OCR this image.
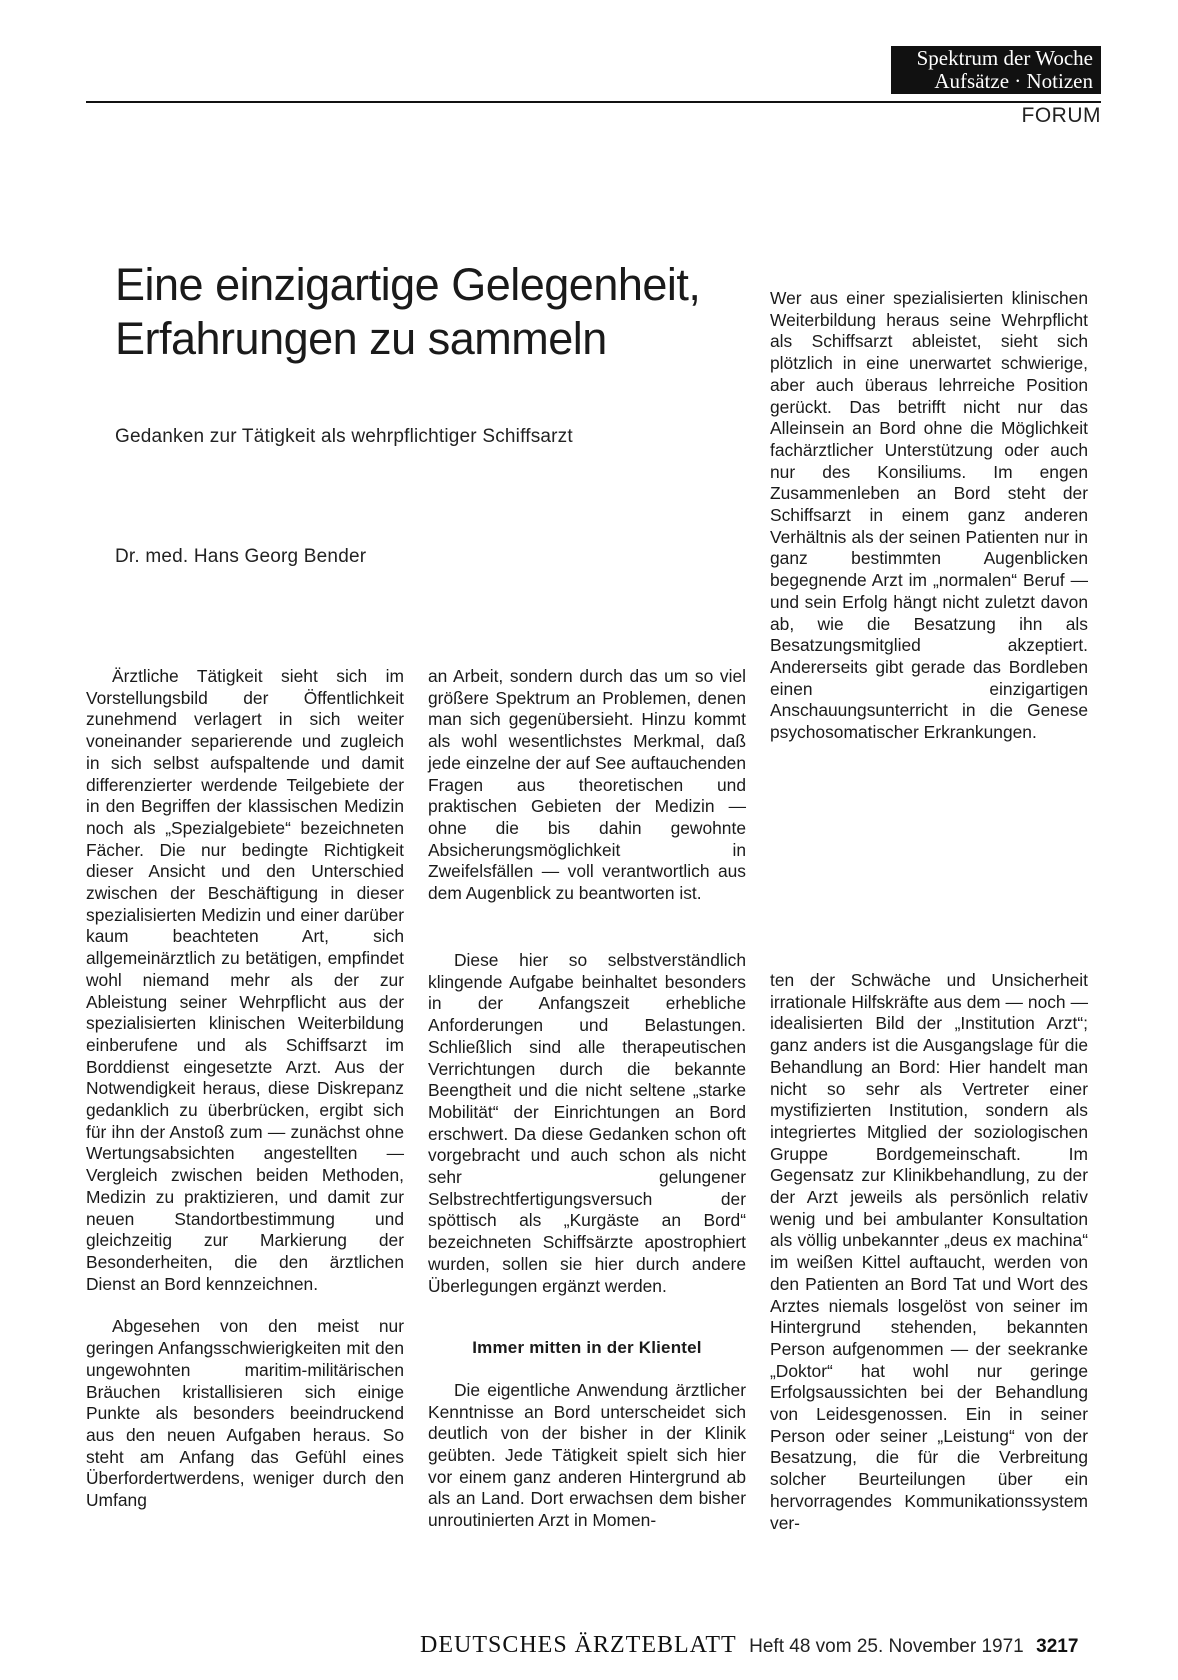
Spektrum der Woche
Aufsätze · Notizen
FORUM
Eine einzigartige Gelegenheit,
Erfahrungen zu sammeln
Gedanken zur Tätigkeit als wehrpflichtiger Schiffsarzt
Dr. med. Hans Georg Bender

Ärztliche Tätigkeit sieht sich im Vorstellungsbild der Öffentlichkeit zunehmend verlagert in sich weiter voneinander separierende und zugleich in sich selbst aufspaltende und damit differenzierter werdende Teilgebiete der in den Begriffen der klassischen Medizin noch als „Spezialgebiete“ bezeichneten Fächer. Die nur bedingte Richtigkeit dieser Ansicht und den Unterschied zwischen der Beschäftigung in dieser spezialisierten Medizin und einer darüber kaum beachteten Art, sich allgemeinärztlich zu betätigen, empfindet wohl niemand mehr als der zur Ableistung seiner Wehrpflicht aus der spezialisierten klinischen Weiterbildung einberufene und als Schiffsarzt im Borddienst eingesetzte Arzt. Aus der Notwendigkeit heraus, diese Diskrepanz gedanklich zu überbrücken, ergibt sich für ihn der Anstoß zum — zunächst ohne Wertungsabsichten angestellten — Vergleich zwischen beiden Methoden, Medizin zu praktizieren, und damit zur neuen Standortbestimmung und gleichzeitig zur Markierung der Besonderheiten, die den ärztlichen Dienst an Bord kennzeichnen.

Abgesehen von den meist nur geringen Anfangsschwierigkeiten mit den ungewohnten maritim-militärischen Bräuchen kristallisieren sich einige Punkte als besonders beeindruckend aus den neuen Aufgaben heraus. So steht am Anfang das Gefühl eines Überfordertwerdens, weniger durch den Umfang

an Arbeit, sondern durch das um so viel größere Spektrum an Problemen, denen man sich gegenübersieht. Hinzu kommt als wohl wesentlichstes Merkmal, daß jede einzelne der auf See auftauchenden Fragen aus theoretischen und praktischen Gebieten der Medizin — ohne die bis dahin gewohnte Absicherungsmöglichkeit in Zweifelsfällen — voll verantwortlich aus dem Augenblick zu beantworten ist.

Wer aus einer spezialisierten klinischen Weiterbildung heraus seine Wehrpflicht als Schiffsarzt ableistet, sieht sich plötzlich in eine unerwartet schwierige, aber auch überaus lehrreiche Position gerückt. Das betrifft nicht nur das Alleinsein an Bord ohne die Möglichkeit fachärztlicher Unterstützung oder auch nur des Konsiliums. Im engen Zusammenleben an Bord steht der Schiffsarzt in einem ganz anderen Verhältnis als der seinen Patienten nur in ganz bestimmten Augenblicken begegnende Arzt im „normalen“ Beruf — und sein Erfolg hängt nicht zuletzt davon ab, wie die Besatzung ihn als Besatzungsmitglied akzeptiert. Andererseits gibt gerade das Bordleben einen einzigartigen Anschauungsunterricht in die Genese psychosomatischer Erkrankungen.

Diese hier so selbstverständlich klingende Aufgabe beinhaltet besonders in der Anfangszeit erhebliche Anforderungen und Belastungen. Schließlich sind alle therapeutischen Verrichtungen durch die bekannte Beengtheit und die nicht seltene „starke Mobilität“ der Einrichtungen an Bord erschwert. Da diese Gedanken schon oft vorgebracht und auch schon als nicht sehr gelungener Selbstrechtfertigungsversuch der spöttisch als „Kurgäste an Bord“ bezeichneten Schiffsärzte apostrophiert wurden, sollen sie hier durch andere Überlegungen ergänzt werden.

Immer mitten in der Klientel

Die eigentliche Anwendung ärztlicher Kenntnisse an Bord unterscheidet sich deutlich von der bisher in der Klinik geübten. Jede Tätigkeit spielt sich hier vor einem ganz anderen Hintergrund ab als an Land. Dort erwachsen dem bisher unroutinierten Arzt in Momen-

ten der Schwäche und Unsicherheit irrationale Hilfskräfte aus dem — noch — idealisierten Bild der „Institution Arzt“; ganz anders ist die Ausgangslage für die Behandlung an Bord: Hier handelt man nicht so sehr als Vertreter einer mystifizierten Institution, sondern als integriertes Mitglied der soziologischen Gruppe Bordgemeinschaft. Im Gegensatz zur Klinikbehandlung, zu der der Arzt jeweils als persönlich relativ wenig und bei ambulanter Konsultation als völlig unbekannter „deus ex machina“ im weißen Kittel auftaucht, werden von den Patienten an Bord Tat und Wort des Arztes niemals losgelöst von seiner im Hintergrund stehenden, bekannten Person aufgenommen — der seekranke „Doktor“ hat wohl nur geringe Erfolgsaussichten bei der Behandlung von Leidesgenossen. Ein in seiner Person oder seiner „Leistung“ von der Besatzung, die für die Verbreitung solcher Beurteilungen über ein hervorragendes Kommunikationssystem ver-

DEUTSCHES ÄRZTEBLATT Heft 48 vom 25. November 1971 3217
